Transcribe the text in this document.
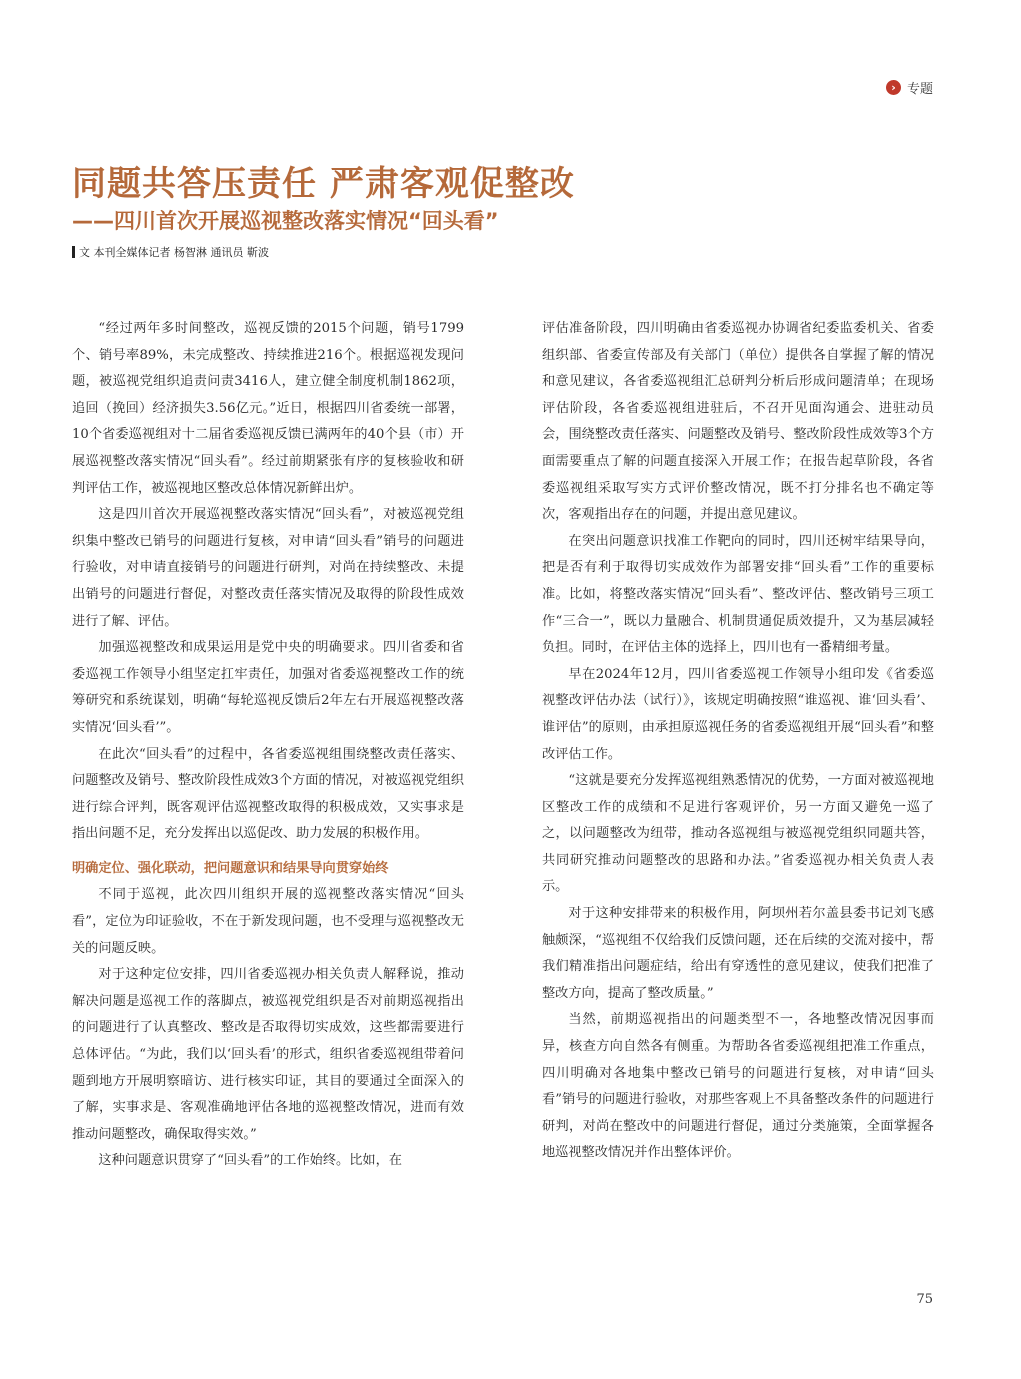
› 专题
同题共答压责任 严肃客观促整改
——四川首次开展巡视整改落实情况“回头看”
文 本刊全媒体记者 杨智淋 通讯员 靳波

“经过两年多时间整改，巡视反馈的2015个问题，销号1799个、销号率89%，未完成整改、持续推进216个。根据巡视发现问题，被巡视党组织追责问责3416人，建立健全制度机制1862项，追回（挽回）经济损失3.56亿元。”近日，根据四川省委统一部署，10个省委巡视组对十二届省委巡视反馈已满两年的40个县（市）开展巡视整改落实情况“回头看”。经过前期紧张有序的复核验收和研判评估工作，被巡视地区整改总体情况新鲜出炉。

这是四川首次开展巡视整改落实情况“回头看”，对被巡视党组织集中整改已销号的问题进行复核，对申请“回头看”销号的问题进行验收，对申请直接销号的问题进行研判，对尚在持续整改、未提出销号的问题进行督促，对整改责任落实情况及取得的阶段性成效进行了解、评估。

加强巡视整改和成果运用是党中央的明确要求。四川省委和省委巡视工作领导小组坚定扛牢责任，加强对省委巡视整改工作的统筹研究和系统谋划，明确“每轮巡视反馈后2年左右开展巡视整改落实情况‘回头看’”。

在此次“回头看”的过程中，各省委巡视组围绕整改责任落实、问题整改及销号、整改阶段性成效3个方面的情况，对被巡视党组织进行综合评判，既客观评估巡视整改取得的积极成效，又实事求是指出问题不足，充分发挥出以巡促改、助力发展的积极作用。

明确定位、强化联动，把问题意识和结果导向贯穿始终

不同于巡视，此次四川组织开展的巡视整改落实情况“回头看”，定位为印证验收，不在于新发现问题，也不受理与巡视整改无关的问题反映。

对于这种定位安排，四川省委巡视办相关负责人解释说，推动解决问题是巡视工作的落脚点，被巡视党组织是否对前期巡视指出的问题进行了认真整改、整改是否取得切实成效，这些都需要进行总体评估。“为此，我们以‘回头看’的形式，组织省委巡视组带着问题到地方开展明察暗访、进行核实印证，其目的要通过全面深入的了解，实事求是、客观准确地评估各地的巡视整改情况，进而有效推动问题整改，确保取得实效。”

这种问题意识贯穿了“回头看”的工作始终。比如，在

评估准备阶段，四川明确由省委巡视办协调省纪委监委机关、省委组织部、省委宣传部及有关部门（单位）提供各自掌握了解的情况和意见建议，各省委巡视组汇总研判分析后形成问题清单；在现场评估阶段，各省委巡视组进驻后，不召开见面沟通会、进驻动员会，围绕整改责任落实、问题整改及销号、整改阶段性成效等3个方面需要重点了解的问题直接深入开展工作；在报告起草阶段，各省委巡视组采取写实方式评价整改情况，既不打分排名也不确定等次，客观指出存在的问题，并提出意见建议。

在突出问题意识找准工作靶向的同时，四川还树牢结果导向，把是否有利于取得切实成效作为部署安排“回头看”工作的重要标准。比如，将整改落实情况“回头看”、整改评估、整改销号三项工作“三合一”，既以力量融合、机制贯通促质效提升，又为基层减轻负担。同时，在评估主体的选择上，四川也有一番精细考量。

早在2024年12月，四川省委巡视工作领导小组印发《省委巡视整改评估办法（试行）》，该规定明确按照“谁巡视、谁‘回头看’、谁评估”的原则，由承担原巡视任务的省委巡视组开展“回头看”和整改评估工作。

“这就是要充分发挥巡视组熟悉情况的优势，一方面对被巡视地区整改工作的成绩和不足进行客观评价，另一方面又避免一巡了之，以问题整改为纽带，推动各巡视组与被巡视党组织同题共答，共同研究推动问题整改的思路和办法。”省委巡视办相关负责人表示。

对于这种安排带来的积极作用，阿坝州若尔盖县委书记刘飞感触颇深，“巡视组不仅给我们反馈问题，还在后续的交流对接中，帮我们精准指出问题症结，给出有穿透性的意见建议，使我们把准了整改方向，提高了整改质量。”

当然，前期巡视指出的问题类型不一，各地整改情况因事而异，核查方向自然各有侧重。为帮助各省委巡视组把准工作重点，四川明确对各地集中整改已销号的问题进行复核，对申请“回头看”销号的问题进行验收，对那些客观上不具备整改条件的问题进行研判，对尚在整改中的问题进行督促，通过分类施策，全面掌握各地巡视整改情况并作出整体评价。

75
